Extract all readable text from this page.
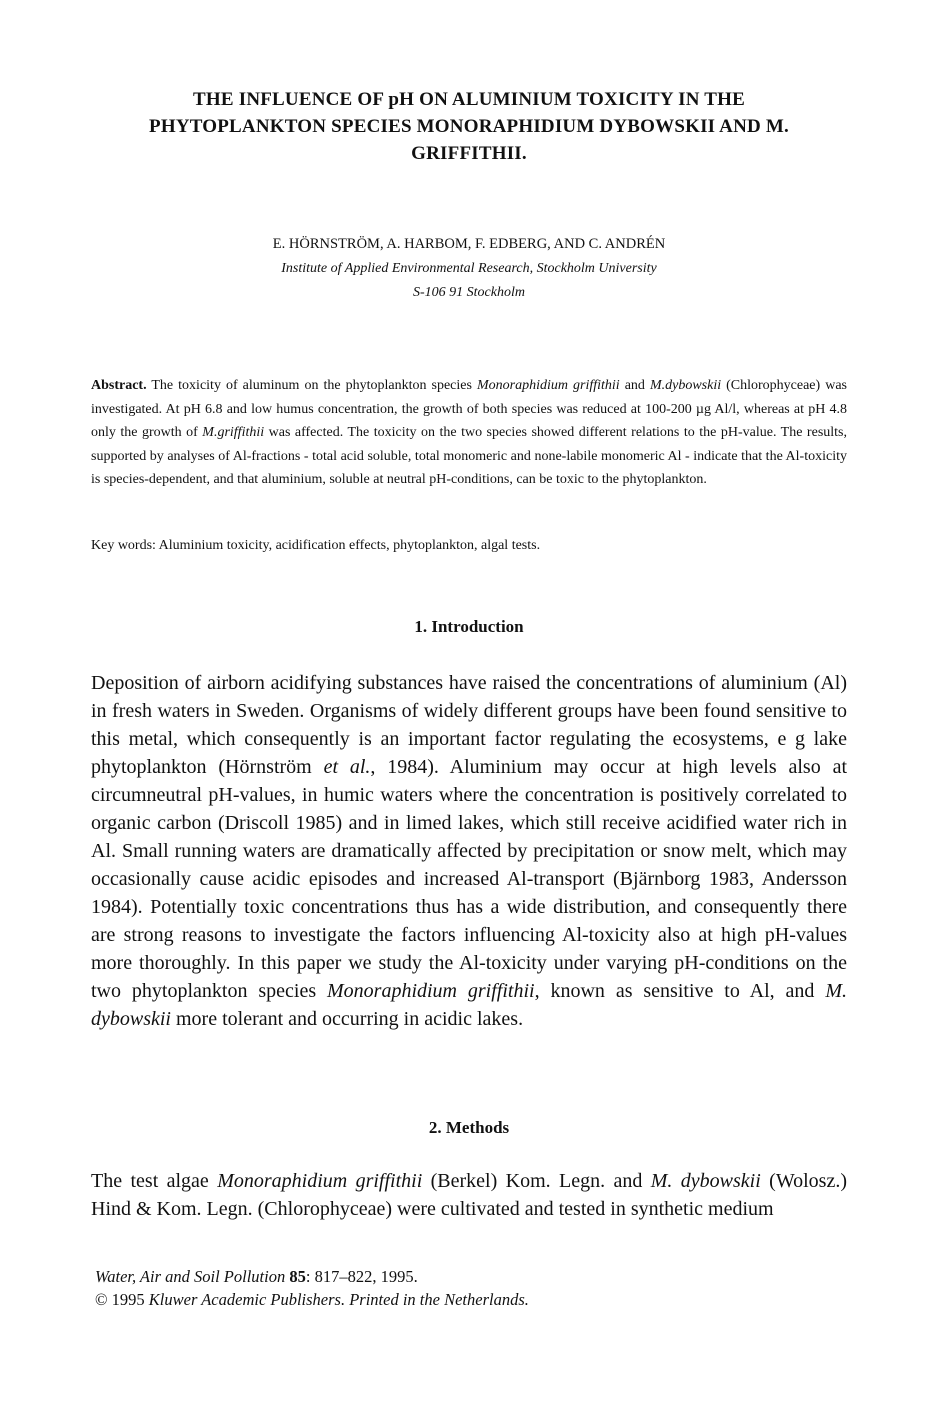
THE INFLUENCE OF pH ON ALUMINIUM TOXICITY IN THE
PHYTOPLANKTON SPECIES MONORAPHIDIUM DYBOWSKII AND M.
GRIFFITHII.
E. HÖRNSTRÖM, A. HARBOM, F. EDBERG, AND C. ANDRÉN
Institute of Applied Environmental Research, Stockholm University
S-106 91 Stockholm
Abstract. The toxicity of aluminum on the phytoplankton species Monoraphidium griffithii and M.dybowskii (Chlorophyceae) was investigated. At pH 6.8 and low humus concentration, the growth of both species was reduced at 100-200 µg Al/l, whereas at pH 4.8 only the growth of M.griffithii was affected. The toxicity on the two species showed different relations to the pH-value. The results, supported by analyses of Al-fractions - total acid soluble, total monomeric and none-labile monomeric Al - indicate that the Al-toxicity is species-dependent, and that aluminium, soluble at neutral pH-conditions, can be toxic to the phytoplankton.
Key words: Aluminium toxicity, acidification effects, phytoplankton, algal tests.
1. Introduction
Deposition of airborn acidifying substances have raised the concentrations of aluminium (Al) in fresh waters in Sweden. Organisms of widely different groups have been found sensitive to this metal, which consequently is an important factor regulating the ecosystems, e g lake phytoplankton (Hörnström et al., 1984). Aluminium may occur at high levels also at circumneutral pH-values, in humic waters where the concentration is positively correlated to organic carbon (Driscoll 1985) and in limed lakes, which still receive acidified water rich in Al. Small running waters are dramatically affected by precipitation or snow melt, which may occasionally cause acidic episodes and increased Al-transport (Bjärnborg 1983, Andersson 1984). Potentially toxic concentrations thus has a wide distribution, and consequently there are strong reasons to investigate the factors influencing Al-toxicity also at high pH-values more thoroughly. In this paper we study the Al-toxicity under varying pH-conditions on the two phytoplankton species Monoraphidium griffithii, known as sensitive to Al, and M. dybowskii more tolerant and occurring in acidic lakes.
2. Methods
The test algae Monoraphidium griffithii (Berkel) Kom. Legn. and M. dybowskii (Wolosz.) Hind & Kom. Legn. (Chlorophyceae) were cultivated and tested in synthetic medium
Water, Air and Soil Pollution 85: 817–822, 1995.
© 1995 Kluwer Academic Publishers. Printed in the Netherlands.
